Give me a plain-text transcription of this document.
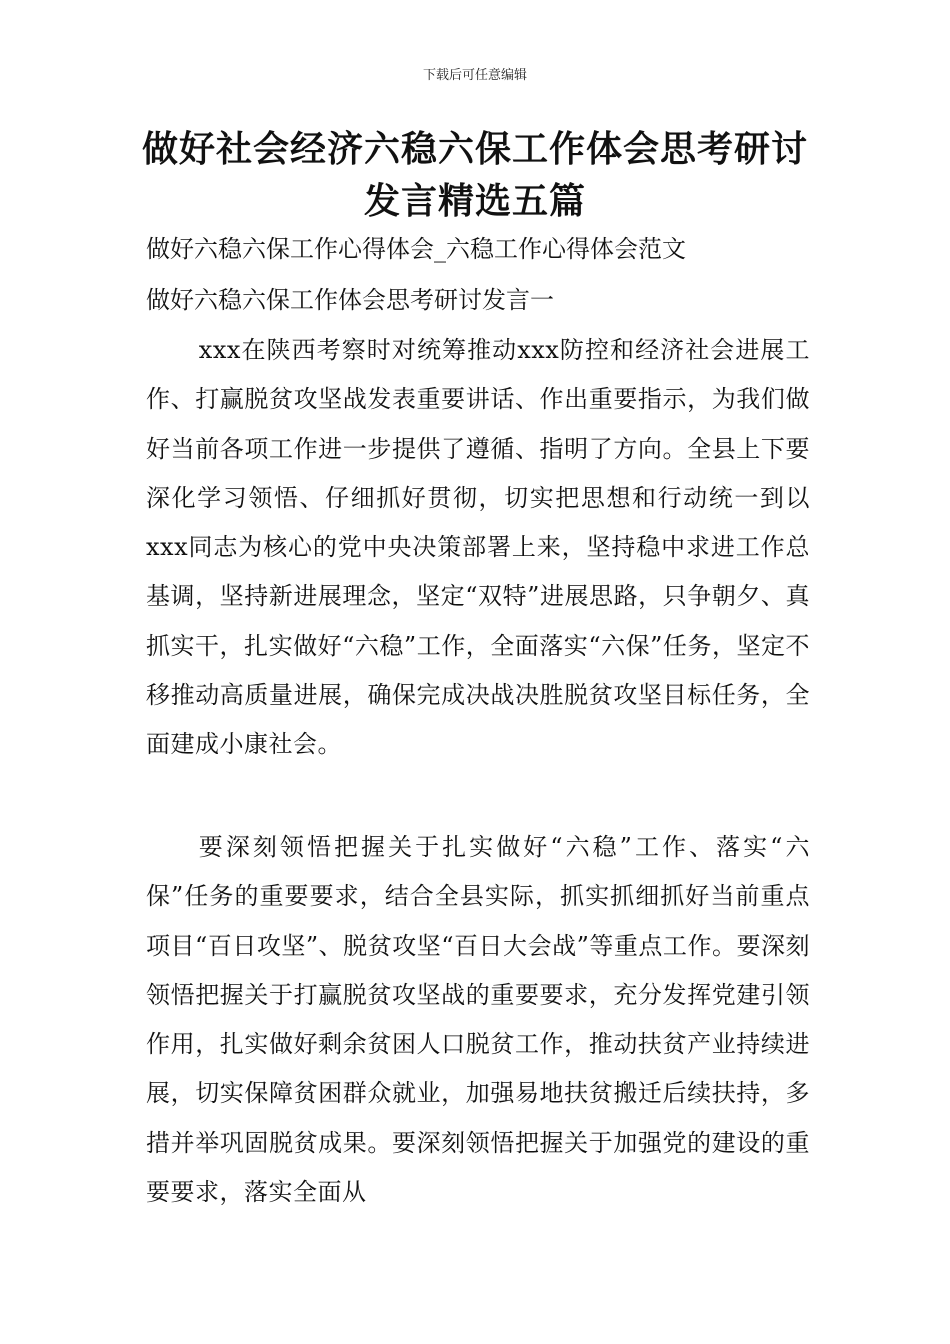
下载后可任意编辑
做好社会经济六稳六保工作体会思考研讨发言精选五篇
做好六稳六保工作心得体会_六稳工作心得体会范文
做好六稳六保工作体会思考研讨发言一

xxx在陕西考察时对统筹推动xxx防控和经济社会进展工作、打赢脱贫攻坚战发表重要讲话、作出重要指示，为我们做好当前各项工作进一步提供了遵循、指明了方向。全县上下要深化学习领悟、仔细抓好贯彻，切实把思想和行动统一到以xxx同志为核心的党中央决策部署上来，坚持稳中求进工作总基调，坚持新进展理念，坚定“双特”进展思路，只争朝夕、真抓实干，扎实做好“六稳”工作，全面落实“六保”任务，坚定不移推动高质量进展，确保完成决战决胜脱贫攻坚目标任务，全面建成小康社会。

要深刻领悟把握关于扎实做好“六稳”工作、落实“六保”任务的重要要求，结合全县实际，抓实抓细抓好当前重点项目“百日攻坚”、脱贫攻坚“百日大会战”等重点工作。要深刻领悟把握关于打赢脱贫攻坚战的重要要求，充分发挥党建引领作用，扎实做好剩余贫困人口脱贫工作，推动扶贫产业持续进展，切实保障贫困群众就业，加强易地扶贫搬迁后续扶持，多措并举巩固脱贫成果。要深刻领悟把握关于加强党的建设的重要要求，落实全面从
